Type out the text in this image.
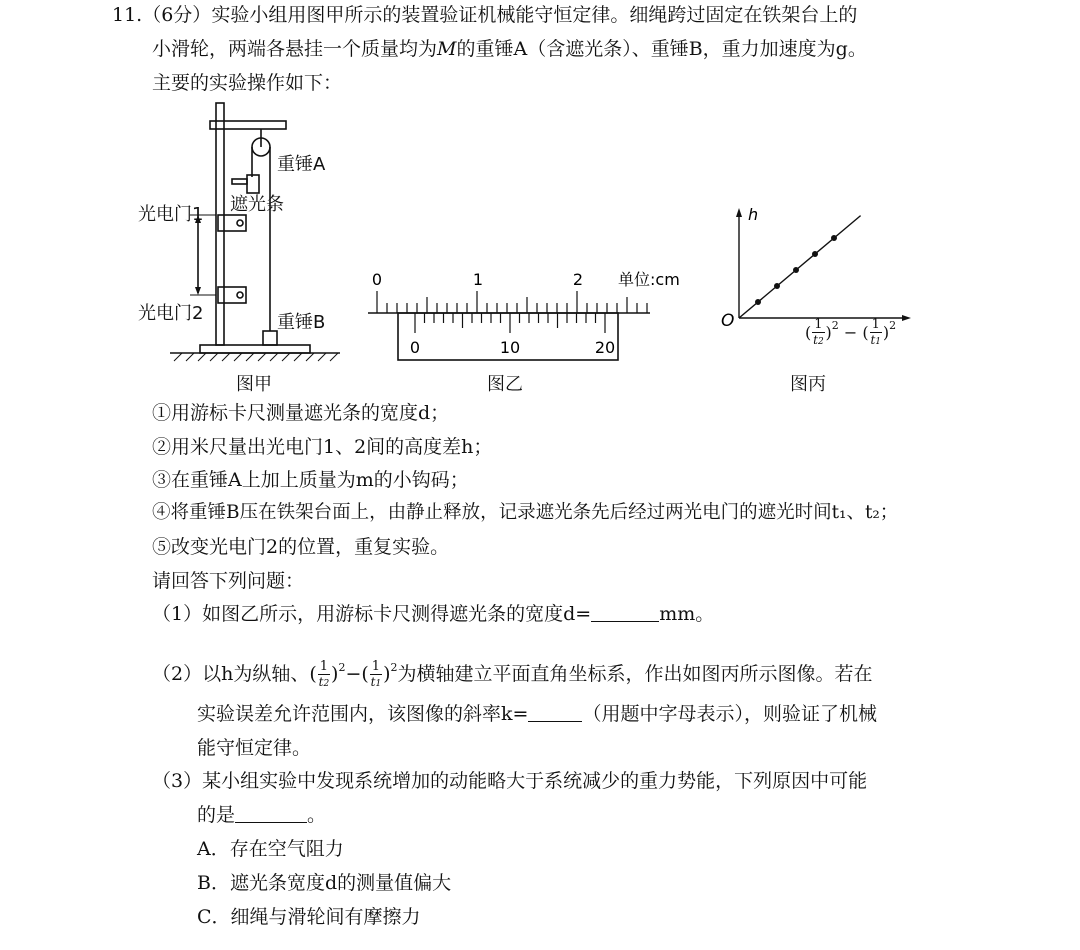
11.（6分）实验小组用图甲所示的装置验证机械能守恒定律。细绳跨过固定在铁架台上的
小滑轮，两端各悬挂一个质量均为M的重锤A（含遮光条）、重锤B，重力加速度为g。
主要的实验操作如下：
重锤A
遮光条
光电门1
光电门2	重锤B
图甲
0	1	2 单位:cm
0	10	20
图乙
h
O
( $\frac{1}{t2} )^2$ − ( $\frac{1}{t1} )^2$
图丙
①用游标卡尺测量遮光条的宽度d；
②用米尺量出光电门1、2间的高度差h；
③在重锤A上加上质量为m的小钩码；
④将重锤B压在铁架台面上，由静止释放，记录遮光条先后经过两光电门的遮光时间t₁、t₂；
⑤改变光电门2的位置，重复实验。
请回答下列问题：
（1）如图乙所示，用游标卡尺测得遮光条的宽度d=	mm。
（2）以h为纵轴、( $\frac{1}{t2} )^2-( \frac{1}{t1} )^2$为横轴建立平面直角坐标系，作出如图丙所示图像。若在
实验误差允许范围内，该图像的斜率k=	（用题中字母表示），则验证了机械
能守恒定律。
（3）某小组实验中发现系统增加的动能略大于系统减少的重力势能，下列原因中可能
的是	。
A．存在空气阻力
B．遮光条宽度d的测量值偏大
C．细绳与滑轮间有摩擦力
